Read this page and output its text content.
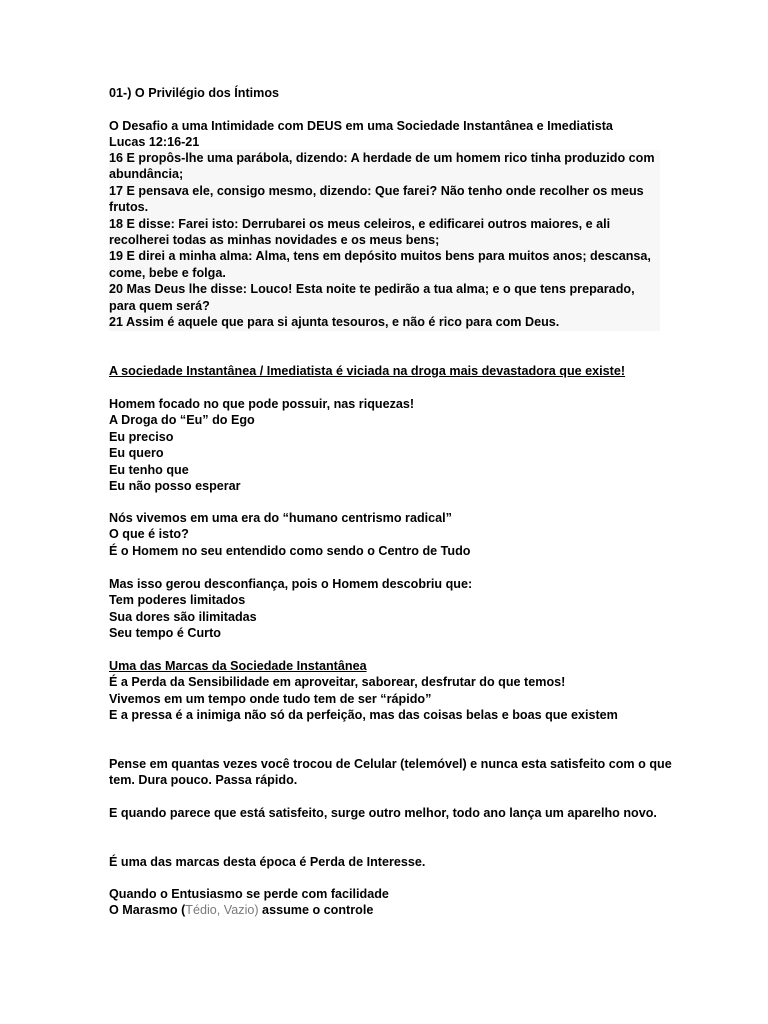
01-) O Privilégio dos Íntimos
O Desafio a uma Intimidade com DEUS em uma Sociedade Instantânea e Imediatista
Lucas 12:16-21
16 E propôs-lhe uma parábola, dizendo: A herdade de um homem rico tinha produzido com abundância;
17 E pensava ele, consigo mesmo, dizendo: Que farei? Não tenho onde recolher os meus frutos.
18 E disse: Farei isto: Derrubarei os meus celeiros, e edificarei outros maiores, e ali recolherei todas as minhas novidades e os meus bens;
19 E direi a minha alma: Alma, tens em depósito muitos bens para muitos anos; descansa, come, bebe e folga.
20 Mas Deus lhe disse: Louco! Esta noite te pedirão a tua alma; e o que tens preparado, para quem será?
21 Assim é aquele que para si ajunta tesouros, e não é rico para com Deus.
A sociedade Instantânea / Imediatista é viciada na droga mais devastadora que existe!
Homem focado no que pode possuir, nas riquezas!
A Droga do “Eu” do Ego
Eu preciso
Eu quero
Eu tenho que
Eu não posso esperar
Nós vivemos em uma era do “humano centrismo radical”
O que é isto?
É o Homem no seu entendido como sendo o Centro de Tudo
Mas isso gerou desconfiança, pois o Homem descobriu que:
Tem poderes limitados
Sua dores são ilimitadas
Seu tempo é Curto
Uma das Marcas da Sociedade Instantânea
É a Perda da Sensibilidade em aproveitar, saborear, desfrutar do que temos!
Vivemos em um tempo onde tudo tem de ser “rápido”
E a pressa é a inimiga não só da perfeição, mas das coisas belas e boas que existem
Pense em quantas vezes você trocou de Celular (telemóvel) e nunca esta satisfeito com o que
tem. Dura pouco. Passa rápido.
E quando parece que está satisfeito, surge outro melhor, todo ano lança um aparelho novo.
É uma das marcas desta época é Perda de Interesse.
Quando o Entusiasmo se perde com facilidade
O Marasmo (Tédio, Vazio) assume o controle
